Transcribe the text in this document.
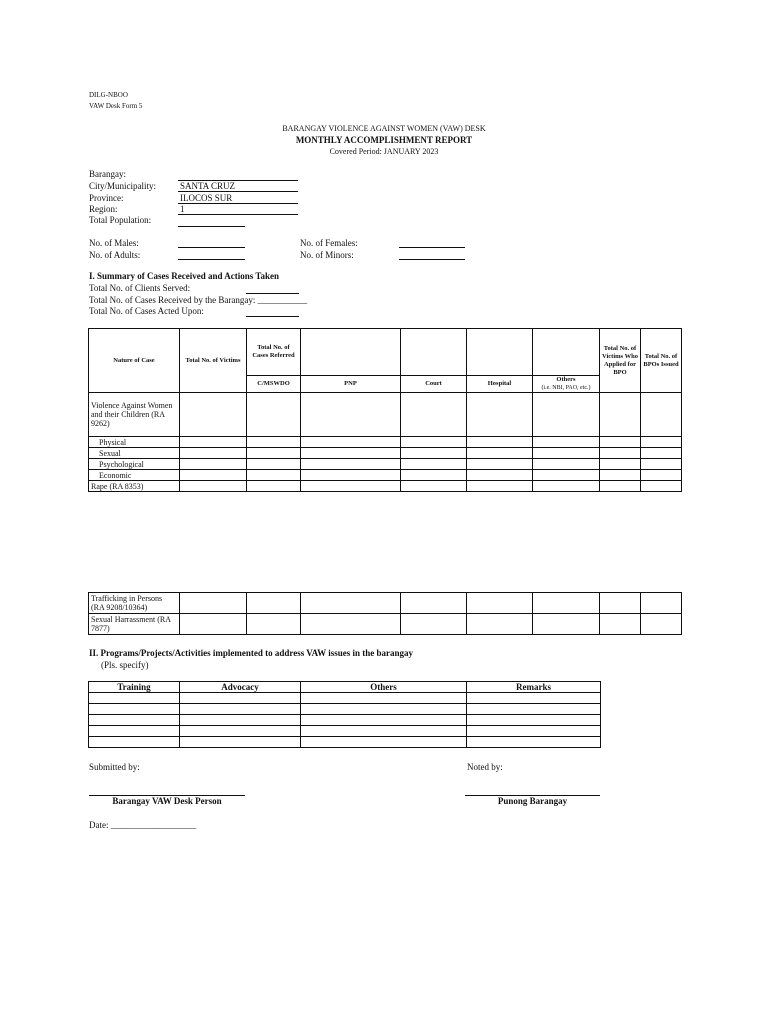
DILG-NBOO
VAW Desk Form 5
BARANGAY VIOLENCE AGAINST WOMEN (VAW) DESK
MONTHLY ACCOMPLISHMENT REPORT
Covered Period: JANUARY 2023
Barangay:
City/Municipality:	SANTA CRUZ
Province:	ILOCOS SUR
Region:	1
Total Population:
No. of Males:
No. of Adults:
No. of Females:
No. of Minors:
I. Summary of Cases Received and Actions Taken
Total No. of Clients Served:
Total No. of Cases Received by the Barangay: ___________
Total No. of Cases Acted Upon:
Nature of Case	Total No. of Victims	Total No. of Cases Referred					Total No. of Victims Who Applied for BPO	Total No. of BPOs Issued
		C/MSWDO	PNP	Court	Hospital	Others
(i.e. NBI, PAO, etc.)		

Violence Against Women and their Children (RA 9262)								
Physical								
Sexual								
Psychological								
Economic								
Rape (RA 8353)								
Trafficking in Persons (RA 9208/10364)								
Sexual Harrassment (RA 7877)								
II. Programs/Projects/Activities implemented to address VAW issues in the barangay
(Pls. specify)
Training	Advocacy	Others	Remarks

Submitted by:	Noted by:
Barangay VAW Desk Person	Punong Barangay
Date: ___________________
